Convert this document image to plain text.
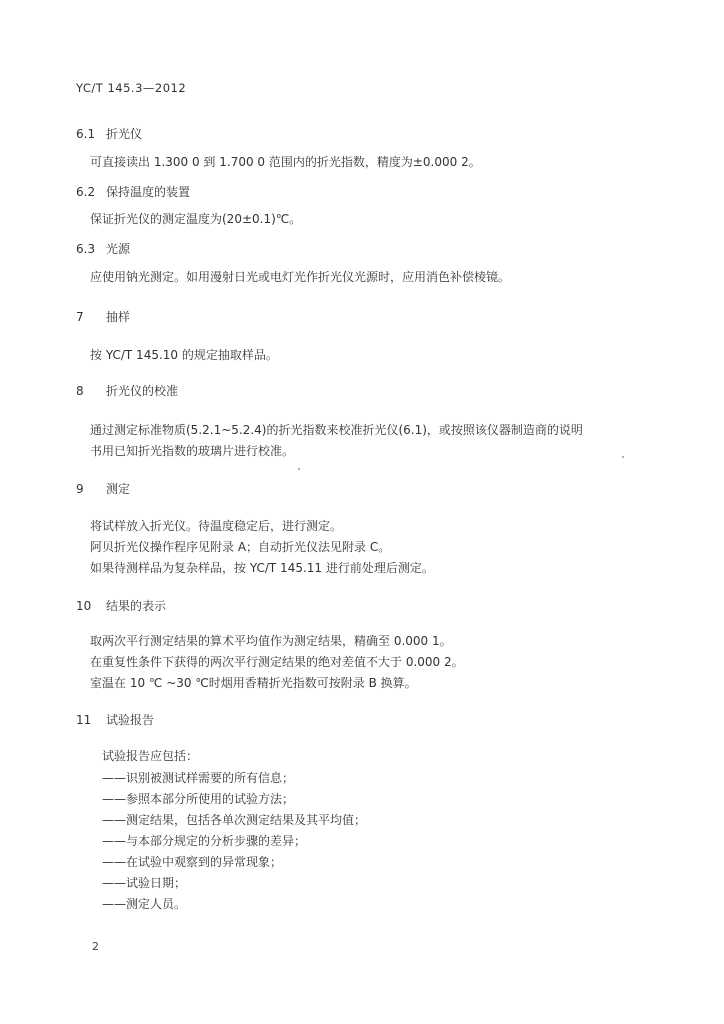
YC/T 145.3—2012
6.1 折光仪
可直接读出 1.300 0 到 1.700 0 范围内的折光指数，精度为±0.000 2。
6.2 保持温度的装置
保证折光仪的测定温度为(20±0.1)℃。
6.3 光源
应使用钠光测定。如用漫射日光或电灯光作折光仪光源时，应用消色补偿棱镜。
7 抽样
按 YC/T 145.10 的规定抽取样品。
8 折光仪的校准
通过测定标准物质(5.2.1~5.2.4)的折光指数来校准折光仪(6.1)，或按照该仪器制造商的说明
书用已知折光指数的玻璃片进行校准。
9 测定
将试样放入折光仪。待温度稳定后，进行测定。
阿贝折光仪操作程序见附录 A；自动折光仪法见附录 C。
如果待测样品为复杂样品，按 YC/T 145.11 进行前处理后测定。
10 结果的表示
取两次平行测定结果的算术平均值作为测定结果，精确至 0.000 1。
在重复性条件下获得的两次平行测定结果的绝对差值不大于 0.000 2。
室温在 10 ℃ ~30 ℃时烟用香精折光指数可按附录 B 换算。
11 试验报告
试验报告应包括：
——识别被测试样需要的所有信息；
——参照本部分所使用的试验方法；
——测定结果，包括各单次测定结果及其平均值；
——与本部分规定的分析步骤的差异；
——在试验中观察到的异常现象；
——试验日期；
——测定人员。
2
